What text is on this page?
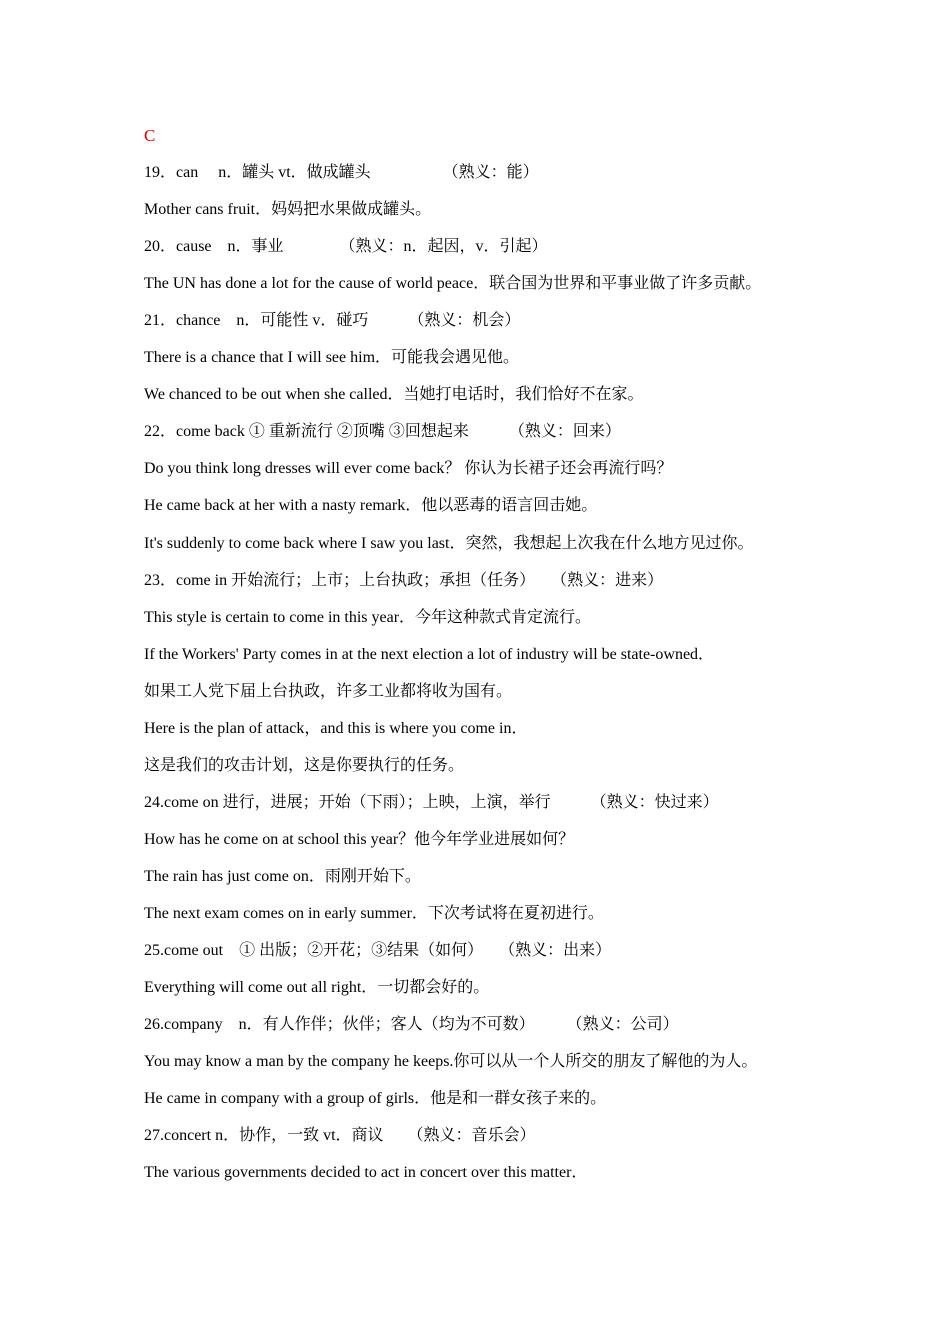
C
19．can　 n．罐头 vt．做成罐头　　　　　（熟义：能）
Mother cans fruit．妈妈把水果做成罐头。
20．cause　n．事业　　　　（熟义：n．起因，v．引起）
The UN has done a lot for the cause of world peace．联合国为世界和平事业做了许多贡献。
21．chance　n．可能性 v．碰巧　　　（熟义：机会）
There is a chance that I will see him．可能我会遇见他。
We chanced to be out when she called．当她打电话时，我们恰好不在家。
22．come back ① 重新流行 ②顶嘴 ③回想起来　　　（熟义：回来）
Do you think long dresses will ever come back？ 你认为长裙子还会再流行吗？
He came back at her with a nasty remark．他以恶毒的语言回击她。
It's suddenly to come back where I saw you last．突然，我想起上次我在什么地方见过你。
23．come in 开始流行；上市；上台执政；承担（任务）　　（熟义：进来）
This style is certain to come in this year．今年这种款式肯定流行。
If the Workers' Party comes in at the next election a lot of industry will be state-owned．
如果工人党下届上台执政，许多工业都将收为国有。
Here is the plan of attack，and this is where you come in．
这是我们的攻击计划，这是你要执行的任务。
24.come on 进行，进展；开始（下雨）；上映，上演，举行　　　（熟义：快过来）
How has he come on at school this year？他今年学业进展如何？
The rain has just come on．雨刚开始下。
The next exam comes on in early summer．下次考试将在夏初进行。
25.come out　① 出版；②开花；③结果（如何）　　（熟义：出来）
Everything will come out all right．一切都会好的。
26.company　n．有人作伴；伙伴；客人（均为不可数）　　　（熟义：公司）
You may know a man by the company he keeps.你可以从一个人所交的朋友了解他的为人。
He came in company with a group of girls．他是和一群女孩子来的。
27.concert n．协作，一致 vt．商议　　（熟义：音乐会）
The various governments decided to act in concert over this matter．
